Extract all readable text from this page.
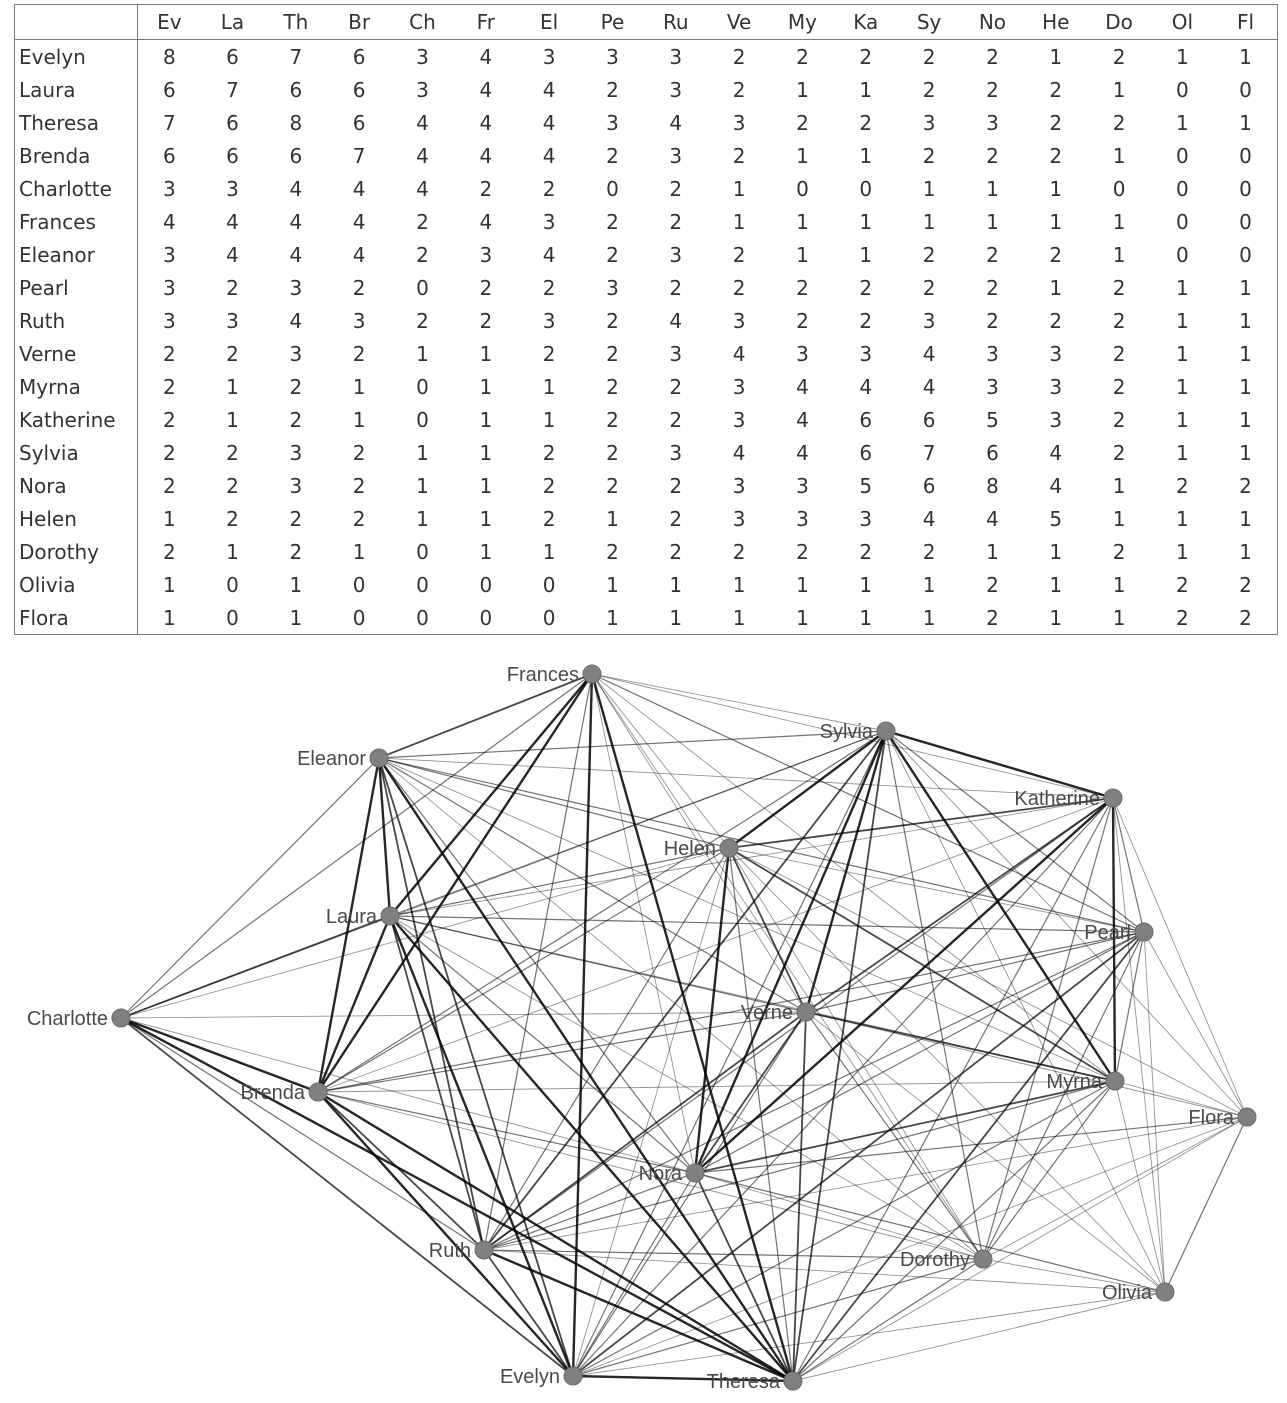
	Ev	La	Th	Br	Ch	Fr	El	Pe	Ru	Ve	My	Ka	Sy	No	He	Do	Ol	Fl
Evelyn	8	6	7	6	3	4	3	3	3	2	2	2	2	2	1	2	1	1
Laura	6	7	6	6	3	4	4	2	3	2	1	1	2	2	2	1	0	0
Theresa	7	6	8	6	4	4	4	3	4	3	2	2	3	3	2	2	1	1
Brenda	6	6	6	7	4	4	4	2	3	2	1	1	2	2	2	1	0	0
Charlotte	3	3	4	4	4	2	2	0	2	1	0	0	1	1	1	0	0	0
Frances	4	4	4	4	2	4	3	2	2	1	1	1	1	1	1	1	0	0
Eleanor	3	4	4	4	2	3	4	2	3	2	1	1	2	2	2	1	0	0
Pearl	3	2	3	2	0	2	2	3	2	2	2	2	2	2	1	2	1	1
Ruth	3	3	4	3	2	2	3	2	4	3	2	2	3	2	2	2	1	1
Verne	2	2	3	2	1	1	2	2	3	4	3	3	4	3	3	2	1	1
Myrna	2	1	2	1	0	1	1	2	2	3	4	4	4	3	3	2	1	1
Katherine	2	1	2	1	0	1	1	2	2	3	4	6	6	5	3	2	1	1
Sylvia	2	2	3	2	1	1	2	2	3	4	4	6	7	6	4	2	1	1
Nora	2	2	3	2	1	1	2	2	2	3	3	5	6	8	4	1	2	2
Helen	1	2	2	2	1	1	2	1	2	3	3	3	4	4	5	1	1	1
Dorothy	2	1	2	1	0	1	1	2	2	2	2	2	2	1	1	2	1	1
Olivia	1	0	1	0	0	0	0	1	1	1	1	1	1	2	1	1	2	2
Flora	1	0	1	0	0	0	0	1	1	1	1	1	1	2	1	1	2	2
Frances
Sylvia
Eleanor
Katherine
Helen
Laura
Pearl
Charlotte	Verne
Brenda	Myrna
Flora
Nora
Ruth	Dorothy
Olivia
Evelyn	Theresa
